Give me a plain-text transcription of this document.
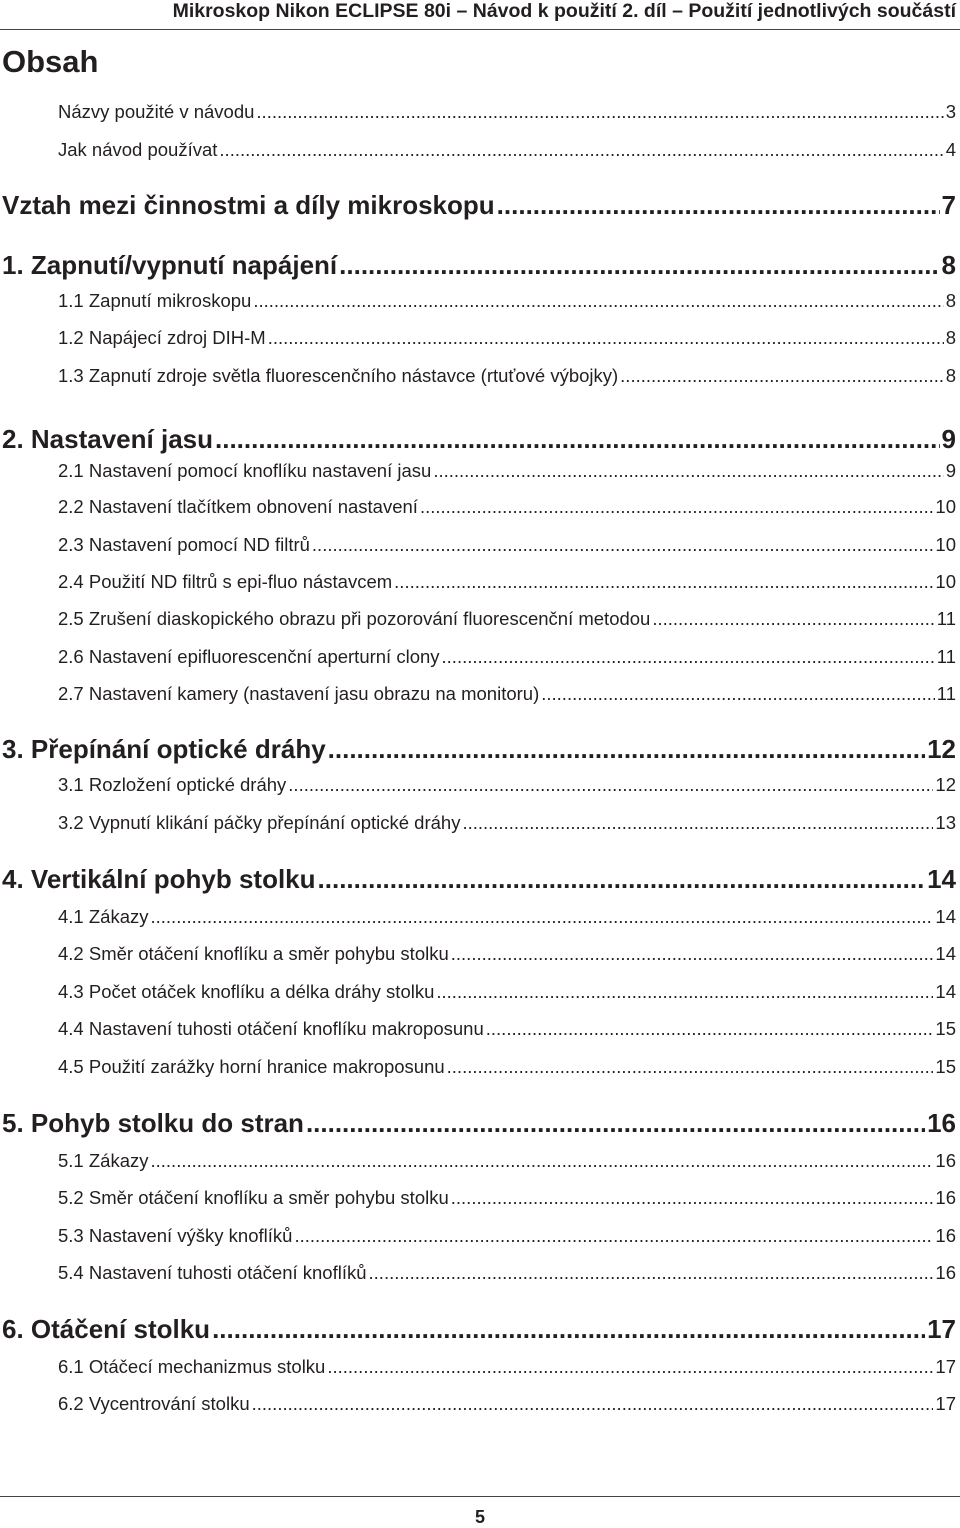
Mikroskop Nikon ECLIPSE 80i – Návod k použití 2. díl – Použití jednotlivých součástí
Obsah
Názvy použité v návodu .....	3
Jak návod používat .....	4
Vztah mezi činnostmi a díly mikroskopu .....	7
1. Zapnutí/vypnutí napájení .....	8
1.1 Zapnutí mikroskopu .....	8
1.2 Napájecí zdroj DIH-M .....	8
1.3 Zapnutí zdroje světla fluorescenčního nástavce (rtuťové výbojky) .....	8
2. Nastavení jasu .....	9
2.1 Nastavení pomocí knoflíku nastavení jasu .....	9
2.2 Nastavení tlačítkem obnovení nastavení .....	10
2.3 Nastavení pomocí ND filtrů .....	10
2.4 Použití ND filtrů s epi-fluo nástavcem .....	10
2.5 Zrušení diaskopického obrazu při pozorování fluorescenční metodou .....	11
2.6 Nastavení epifluorescenční aperturní clony .....	11
2.7 Nastavení kamery (nastavení jasu obrazu na monitoru) .....	11
3. Přepínání optické dráhy .....	12
3.1 Rozložení optické dráhy .....	12
3.2 Vypnutí klikání páčky přepínání optické dráhy .....	13
4. Vertikální pohyb stolku .....	14
4.1 Zákazy .....	14
4.2 Směr otáčení knoflíku a směr pohybu stolku .....	14
4.3 Počet otáček knoflíku a délka dráhy stolku .....	14
4.4 Nastavení tuhosti otáčení knoflíku makroposunu .....	15
4.5 Použití zarážky horní hranice makroposunu .....	15
5. Pohyb stolku do stran .....	16
5.1 Zákazy .....	16
5.2 Směr otáčení knoflíku a směr pohybu stolku .....	16
5.3 Nastavení výšky knoflíků .....	16
5.4 Nastavení tuhosti otáčení knoflíků .....	16
6. Otáčení stolku .....	17
6.1 Otáčecí mechanizmus stolku .....	17
6.2 Vycentrování stolku .....	17
5
